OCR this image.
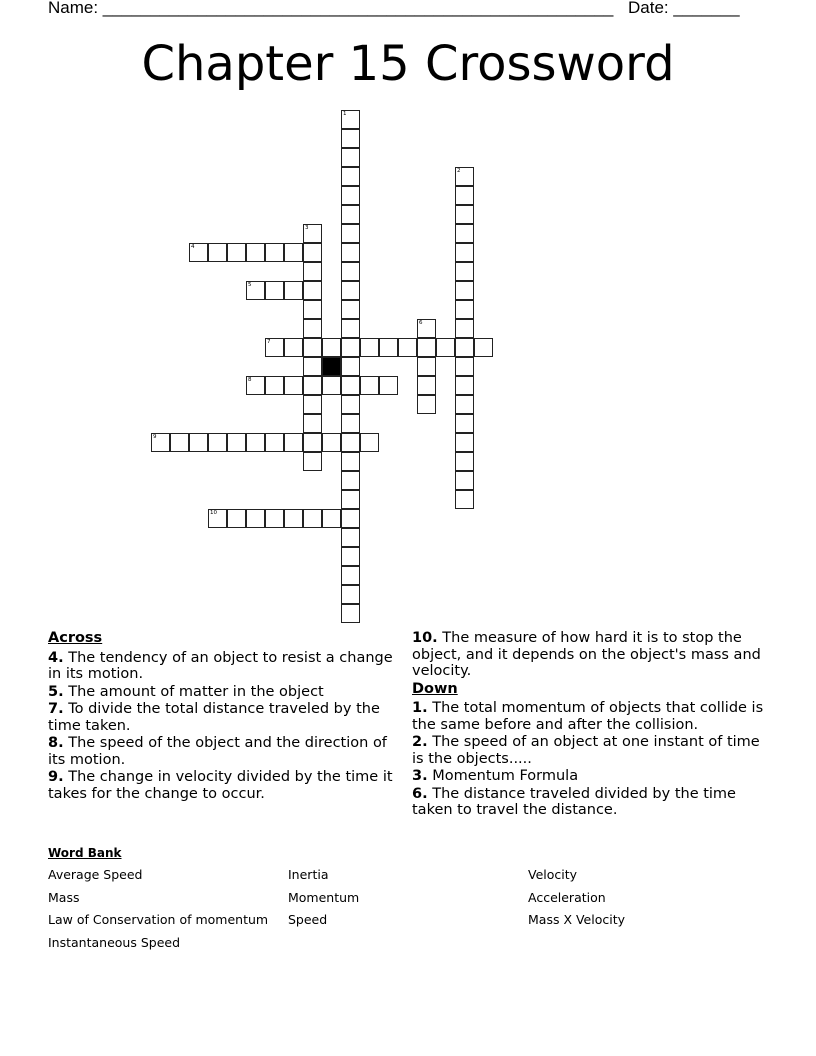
Name: ______________________________________________________ Date: _______
Chapter 15 Crossword
1
2
3
4
5
6
7
8
9
10
Across
4. The tendency of an object to resist a change in its motion.
5. The amount of matter in the object
7. To divide the total distance traveled by the time taken.
8. The speed of the object and the direction of its motion.
9. The change in velocity divided by the time it takes for the change to occur.
10. The measure of how hard it is to stop the object, and it depends on the object's mass and velocity.
Down
1. The total momentum of objects that collide is the same before and after the collision.
2. The speed of an object at one instant of time is the objects.....
3. Momentum Formula
6. The distance traveled divided by the time taken to travel the distance.
Word Bank
Average Speed
Mass
Law of Conservation of momentum
Instantaneous Speed
Inertia
Momentum
Speed
Velocity
Acceleration
Mass X Velocity
